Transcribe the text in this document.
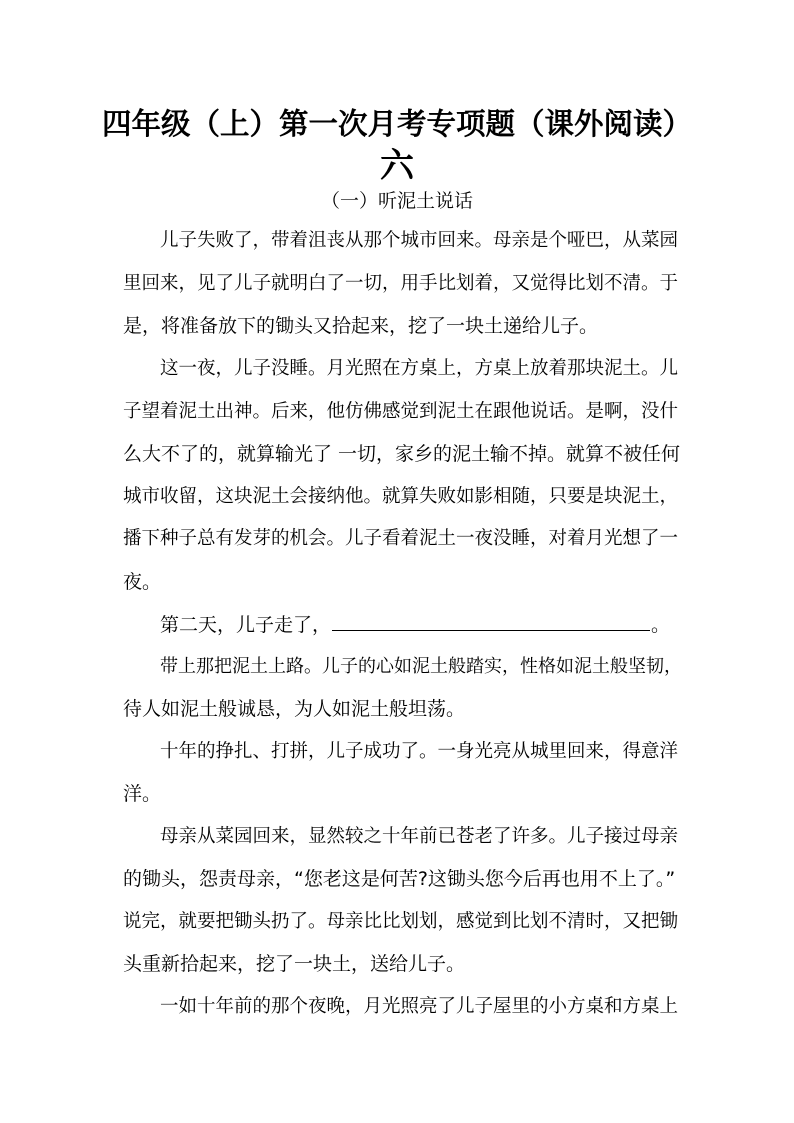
四年级（上）第一次月考专项题（课外阅读）
六

（一）听泥土说话

儿子失败了，带着沮丧从那个城市回来。母亲是个哑巴，从菜园

里回来，见了儿子就明白了一切，用手比划着，又觉得比划不清。于

是，将准备放下的锄头又拾起来，挖了一块土递给儿子。

这一夜，儿子没睡。月光照在方桌上，方桌上放着那块泥土。儿

子望着泥土出神。后来，他仿佛感觉到泥土在跟他说话。是啊，没什

么大不了的，就算输光了 一切，家乡的泥土输不掉。就算不被任何

城市收留，这块泥土会接纳他。就算失败如影相随，只要是块泥土，

播下种子总有发芽的机会。儿子看着泥土一夜没睡，对着月光想了一

夜。

第二天，儿子走了，	。

带上那把泥土上路。儿子的心如泥土般踏实，性格如泥土般坚韧，

待人如泥土般诚恳，为人如泥土般坦荡。

十年的挣扎、打拼，儿子成功了。一身光亮从城里回来，得意洋

洋。

母亲从菜园回来，显然较之十年前已苍老了许多。儿子接过母亲

的锄头，怨责母亲，“您老这是何苦?这锄头您今后再也用不上了。”

说完，就要把锄头扔了。母亲比比划划，感觉到比划不清时，又把锄

头重新拾起来，挖了一块土，送给儿子。

一如十年前的那个夜晚，月光照亮了儿子屋里的小方桌和方桌上
